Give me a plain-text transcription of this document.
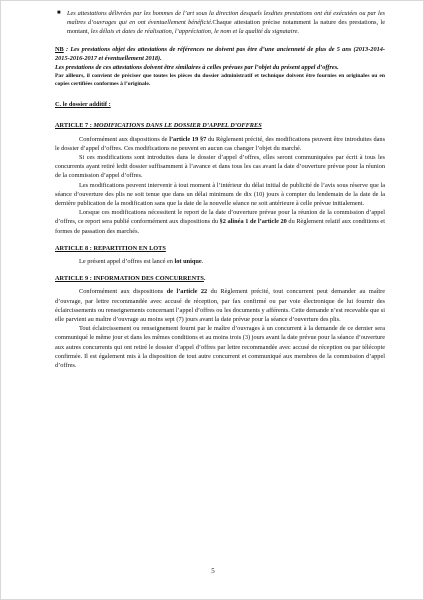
■ Les attestations délivrées par les hommes de l’art sous la direction desquels lesdites prestations ont été exécutées ou par les maîtres d’ouvrages qui en ont éventuellement bénéficié.Chaque attestation précise notamment la nature des prestations, le montant, les délais et dates de réalisation, l’appréciation, le nom et la qualité du signataire.

NB : Les prestations objet des attestations de références ne doivent pas être d’une ancienneté de plus de 5 ans (2013-2014-2015-2016-2017 et éventuellement 2018).

Les prestations de ces attestations doivent être similaires à celles prévues par l’objet du présent appel d’offres.

Par ailleurs, il convient de préciser que toutes les pièces du dossier administratif et technique doivent être fournies en originales ou en copies certifiées conformes à l’originale.

C. le dossier additif :

ARTICLE 7 : MODIFICATIONS DANS LE DOSSIER D’APPEL D’OFFRES

Conformément aux dispositions de l’article 19 §7 du Règlement précité, des modifications peuvent être introduites dans le dossier d’appel d’offres. Ces modifications ne peuvent en aucun cas changer l’objet du marché.

Si ces modifications sont introduites dans le dossier d’appel d’offres, elles seront communiquées par écrit à tous les concurrents ayant retiré ledit dossier suffisamment à l’avance et dans tous les cas avant la date d’ouverture prévue pour la réunion de la commission d’appel d’offres.

Les modifications peuvent intervenir à tout moment à l’intérieur du délai initial de publicité de l’avis sous réserve que la séance d’ouverture des plis ne soit tenue que dans un délai minimum de dix (10) jours à compter du lendemain de la date de la dernière publication de la modification sans que la date de la nouvelle séance ne soit antérieure à celle prévue initialement.

Lorsque ces modifications nécessitent le report de la date d’ouverture prévue pour la réunion de la commission d’appel d’offres, ce report sera publié conformément aux dispositions du §2 alinéa 1 de l’article 20 du Règlement relatif aux conditions et formes de passation des marchés.

ARTICLE 8 : REPARTITION EN LOTS

Le présent appel d’offres est lancé en lot unique.

ARTICLE 9 : INFORMATION DES CONCURRENTS.

Conformément aux dispositions de l’article 22 du Règlement précité, tout concurrent peut demander au maître d’ouvrage, par lettre recommandée avec accusé de réception, par fax confirmé ou par voie électronique de lui fournir des éclaircissements ou renseignements concernant l’appel d’offres ou les documents y afférents. Cette demande n’est recevable que si elle parvient au maître d’ouvrage au moins sept (7) jours avant la date prévue pour la séance d’ouverture des plis.

Tout éclaircissement ou renseignement fourni par le maître d’ouvrages à un concurrent à la demande de ce dernier sera communiqué le même jour et dans les mêmes conditions et au moins trois (3) jours avant la date prévue pour la séance d’ouverture aux autres concurrents qui ont retiré le dossier d’appel d’offres par lettre recommandée avec accusé de réception ou par télécopie confirmée. Il est également mis à la disposition de tout autre concurrent et communiqué aux membres de la commission d’appel d’offres.

5
